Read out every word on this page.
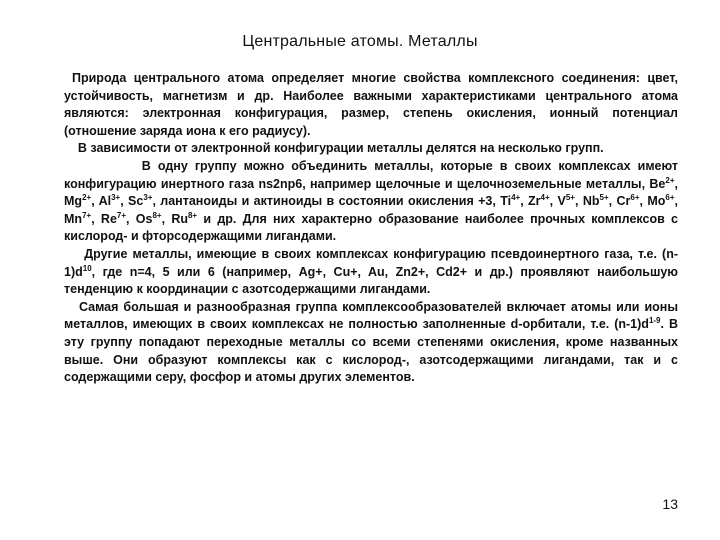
Центральные атомы. Металлы

Природа центрального атома определяет многие свойства комплексного соединения: цвет, устойчивость, магнетизм и др. Наиболее важными характеристиками центрального атома являются: электронная конфигурация, размер, степень окисления, ионный потенциал (отношение заряда иона к его радиусу).

В зависимости от электронной конфигурации металлы делятся на несколько групп.

В одну группу можно объединить металлы, которые в своих комплексах имеют конфигурацию инертного газа ns2np6, например щелочные и щелочноземельные металлы, $Be^{2+}$, $Mg^{2+}$, $Al^{3+}$, $Sc^{3+}$, лантаноиды и актиноиды в состоянии окисления +3, $Ti^{4+}$, $Zr^{4+}$, $V^{5+}$, $Nb^{5+}$, $Cr^{6+}$, $Mo^{6+}$, $Mn^{7+}$, $Re^{7+}$, $Os^{8+}$, $Ru^{8+}$ и др. Для них характерно образование наиболее прочных комплексов с кислород- и фторсодержащими лигандами.

Другие металлы, имеющие в своих комплексах конфигурацию псевдоинертного газа, т.е. $(n-1)d^{10}$, где n=4, 5 или 6 (например, Ag+, Cu+, Au, Zn2+, Cd2+ и др.) проявляют наибольшую тенденцию к координации с азотсодержащими лигандами.

Самая большая и разнообразная группа комплексообразователей включает атомы или ионы металлов, имеющих в своих комплексах не полностью заполненные d-орбитали, т.е. $(n-1)d^{1-9}$. В эту группу попадают переходные металлы со всеми степенями окисления, кроме названных выше. Они образуют комплексы как с кислород-, азотсодержащими лигандами, так и с содержащими серу, фосфор и атомы других элементов.

13
